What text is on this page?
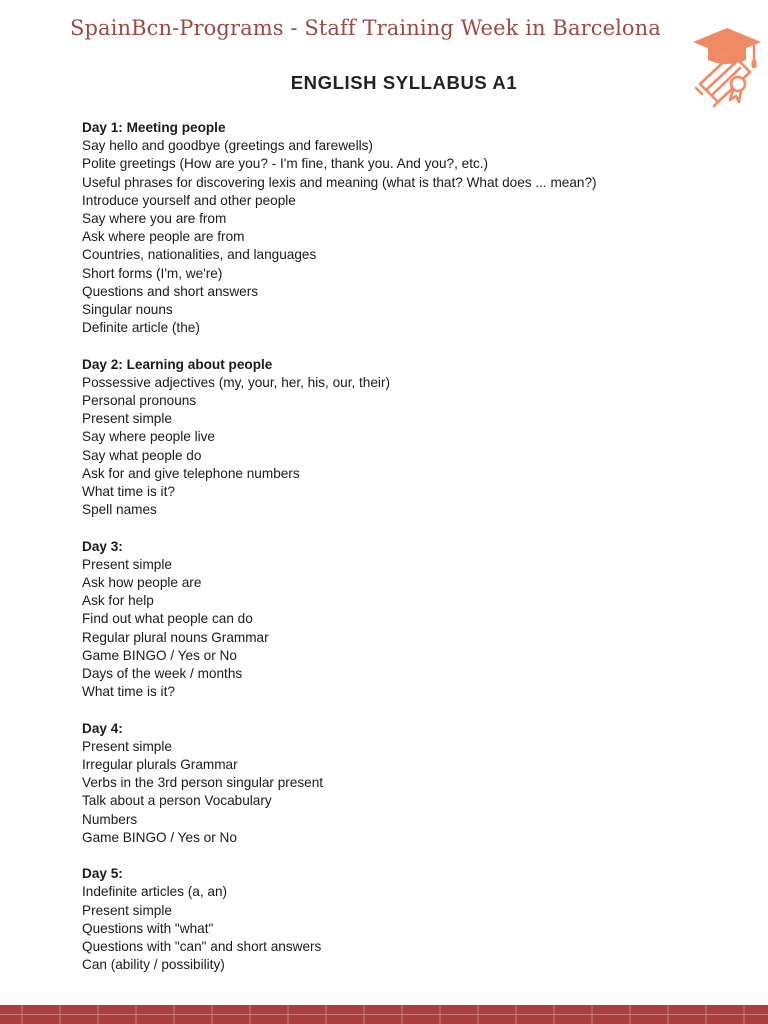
SpainBcn-Programs - Staff Training Week in Barcelona
ENGLISH SYLLABUS A1
Day 1: Meeting people
Say hello and goodbye (greetings and farewells)
Polite greetings (How are you? - I'm fine, thank you. And you?, etc.)
Useful phrases for discovering lexis and meaning (what is that? What does ... mean?)
Introduce yourself and other people
Say where you are from
Ask where people are from
Countries, nationalities, and languages
Short forms (I'm, we're)
Questions and short answers
Singular nouns
Definite article (the)
Day 2: Learning about people
Possessive adjectives (my, your, her, his, our, their)
Personal pronouns
Present simple
Say where people live
Say what people do
Ask for and give telephone numbers
What time is it?
Spell names
Day 3:
Present simple
Ask how people are
Ask for help
Find out what people can do
Regular plural nouns Grammar
Game BINGO / Yes or No
Days of the week / months
What time is it?
Day 4:
Present simple
Irregular plurals Grammar
Verbs in the 3rd person singular present
Talk about a person Vocabulary
Numbers
Game BINGO / Yes or No
Day 5:
Indefinite articles (a, an)
Present simple
Questions with "what"
Questions with "can" and short answers
Can (ability / possibility)
